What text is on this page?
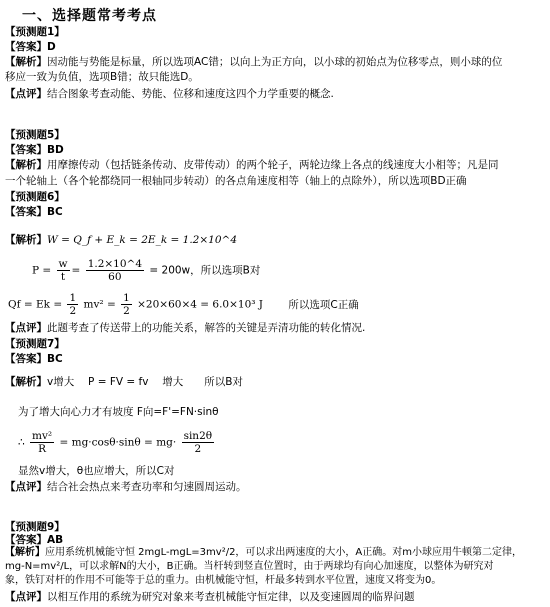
一、选择题常考考点
【预测题1】
【答案】D
【解析】因动能与势能是标量，所以选项AC错；以向上为正方向，以小球的初始点为位移零点，则小球的位
移应一致为负值，选项B错；故只能选D。
【点评】结合图象考查动能、势能、位移和速度这四个力学重要的概念.
【预测题5】
【答案】BD
【解析】用摩擦传动（包括链条传动、皮带传动）的两个轮子，两轮边缘上各点的线速度大小相等；凡是同
一个轮轴上（各个轮都绕同一根轴同步转动）的各点角速度相等（轴上的点除外），所以选项BD正确
【预测题6】
【答案】BC
【解析】W = Q_f + E_k = 2E_k = 1.2×10^4
$P = \frac{w}{t} = \frac{1.2\times 10\^{}4}{60} = 200w$，所以选项B对
$Qf = Ek = \frac{1}{2} mv^2 = \frac{1}{2} \times 20\times 60\times 4 = 6.0\times 10^3$ J 所以选项C正确
【点评】此题考查了传送带上的功能关系，解答的关键是弄清功能的转化情况.
【预测题7】
【答案】BC
【解析】v增大　 P = FV = fv　 增大　　所以B对
为了增大向心力才有坡度 F向=F'=FN·sinθ
∴ $\frac{\text{mv²}}{R} = mg\cdot\cos\theta\cdot\sin\theta = mg\cdot \frac{\sin 2\theta}{2}$
显然v增大，θ也应增大，所以C对
【点评】结合社会热点来考查功率和匀速圆周运动。
【预测题9】
【答案】AB
【解析】应用系统机械能守恒 2mgL-mgL=3mv²/2，可以求出两速度的大小，A正确。对m小球应用牛顿第二定律，
mg-N=mv²/L，可以求解N的大小，B正确。当杆转到竖直位置时，由于两球均有向心加速度，以整体为研究对
象，铁钉对杆的作用不可能等于总的重力。由机械能守恒，杆最多转到水平位置，速度又将变为0。
【点评】以相互作用的系统为研究对象来考查机械能守恒定律，以及变速圆周的临界问题
